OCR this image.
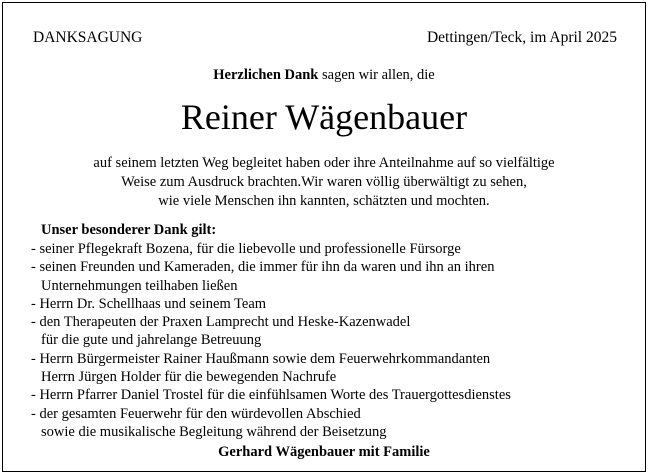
DANKSAGUNG	Dettingen/Teck, im April 2025
Herzlichen Dank sagen wir allen, die
Reiner Wägenbauer
auf seinem letzten Weg begleitet haben oder ihre Anteilnahme auf so vielfältige
Weise zum Ausdruck brachten.Wir waren völlig überwältigt zu sehen,
wie viele Menschen ihn kannten, schätzten und mochten.
Unser besonderer Dank gilt:
- seiner Pflegekraft Bozena, für die liebevolle und professionelle Fürsorge
- seinen Freunden und Kameraden, die immer für ihn da waren und ihn an ihren
Unternehmungen teilhaben ließen
- Herrn Dr. Schellhaas und seinem Team
- den Therapeuten der Praxen Lamprecht und Heske-Kazenwadel
für die gute und jahrelange Betreuung
- Herrn Bürgermeister Rainer Haußmann sowie dem Feuerwehrkommandanten
Herrn Jürgen Holder für die bewegenden Nachrufe
- Herrn Pfarrer Daniel Trostel für die einfühlsamen Worte des Trauergottesdienstes
- der gesamten Feuerwehr für den würdevollen Abschied
sowie die musikalische Begleitung während der Beisetzung
Gerhard Wägenbauer mit Familie
